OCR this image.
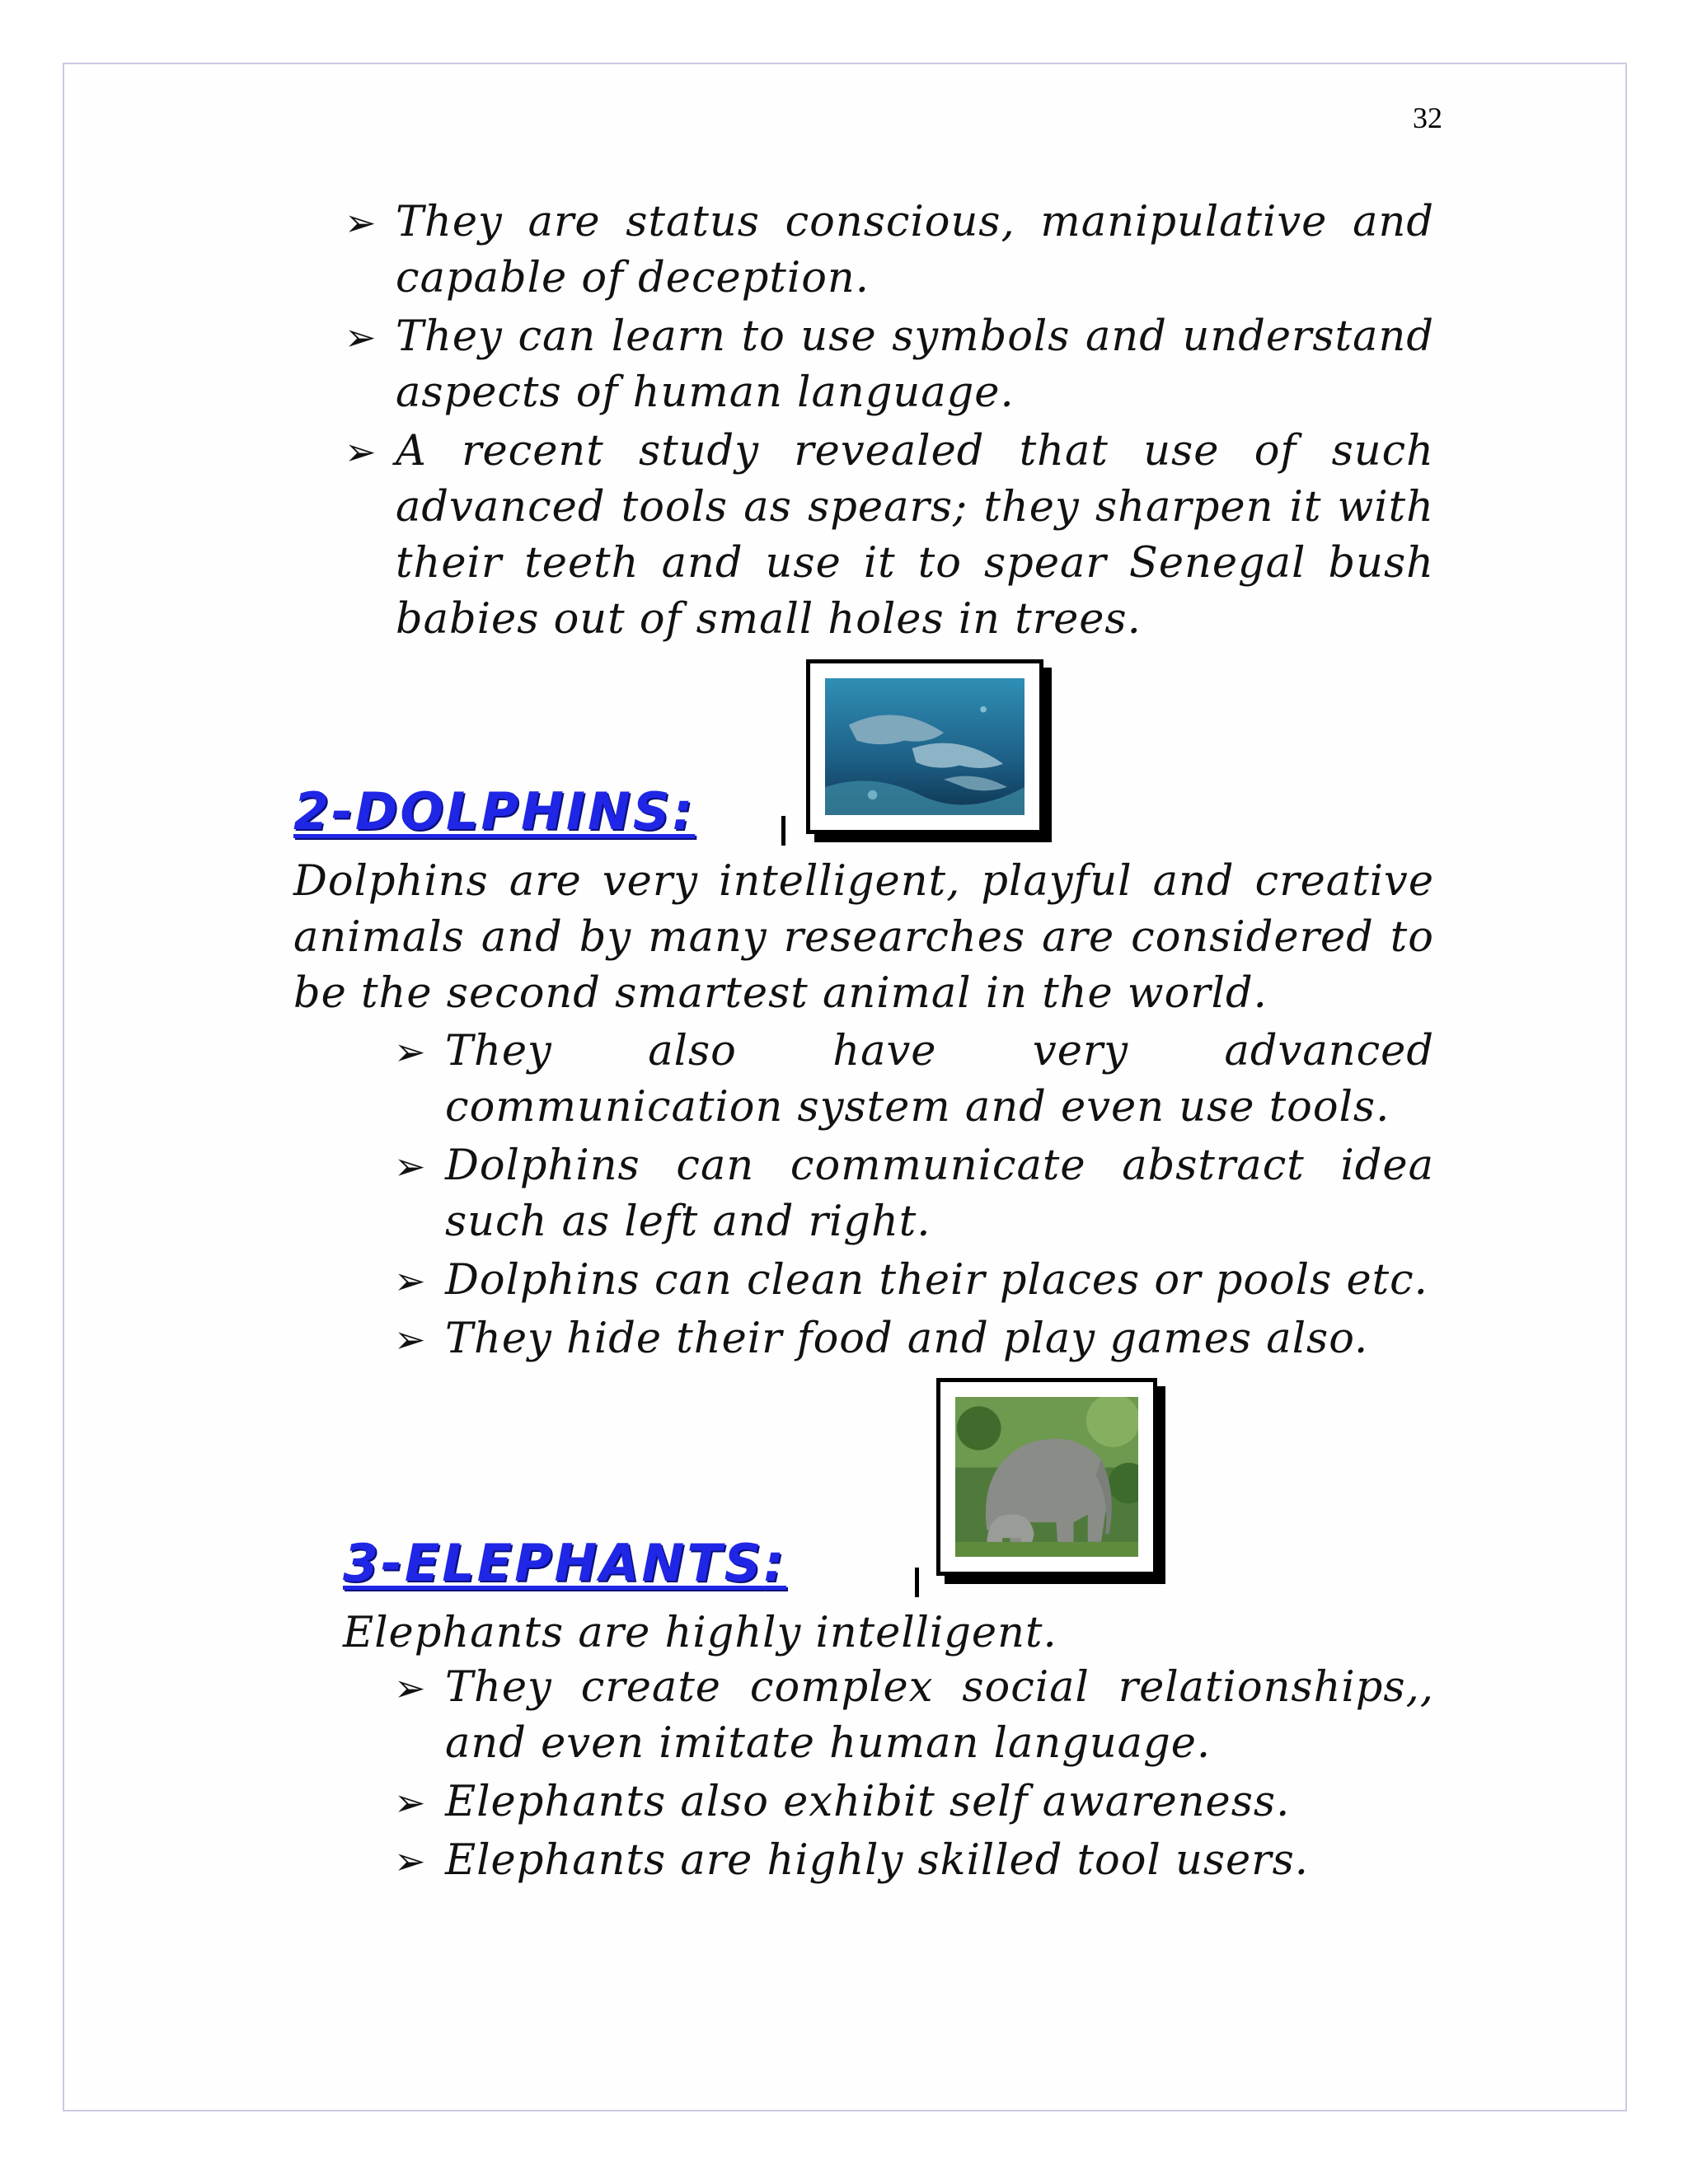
32
➢ They are status conscious, manipulative and capable of deception.
➢ They can learn to use symbols and understand aspects of human language.
➢ A recent study revealed that use of such advanced tools as spears; they sharpen it with their teeth and use it to spear Senegal bush babies out of small holes in trees.
2-DOLPHINS:

Dolphins are very intelligent, playful and creative animals and by many researches are considered to be the second smartest animal in the world.

➢ They also have very advanced communication system and even use tools.
➢ Dolphins can communicate abstract idea such as left and right.
➢ Dolphins can clean their places or pools etc.
➢ They hide their food and play games also.
3-ELEPHANTS:

Elephants are highly intelligent.

➢ They create complex social relationships,, and even imitate human language.
➢ Elephants also exhibit self awareness.
➢ Elephants are highly skilled tool users.
